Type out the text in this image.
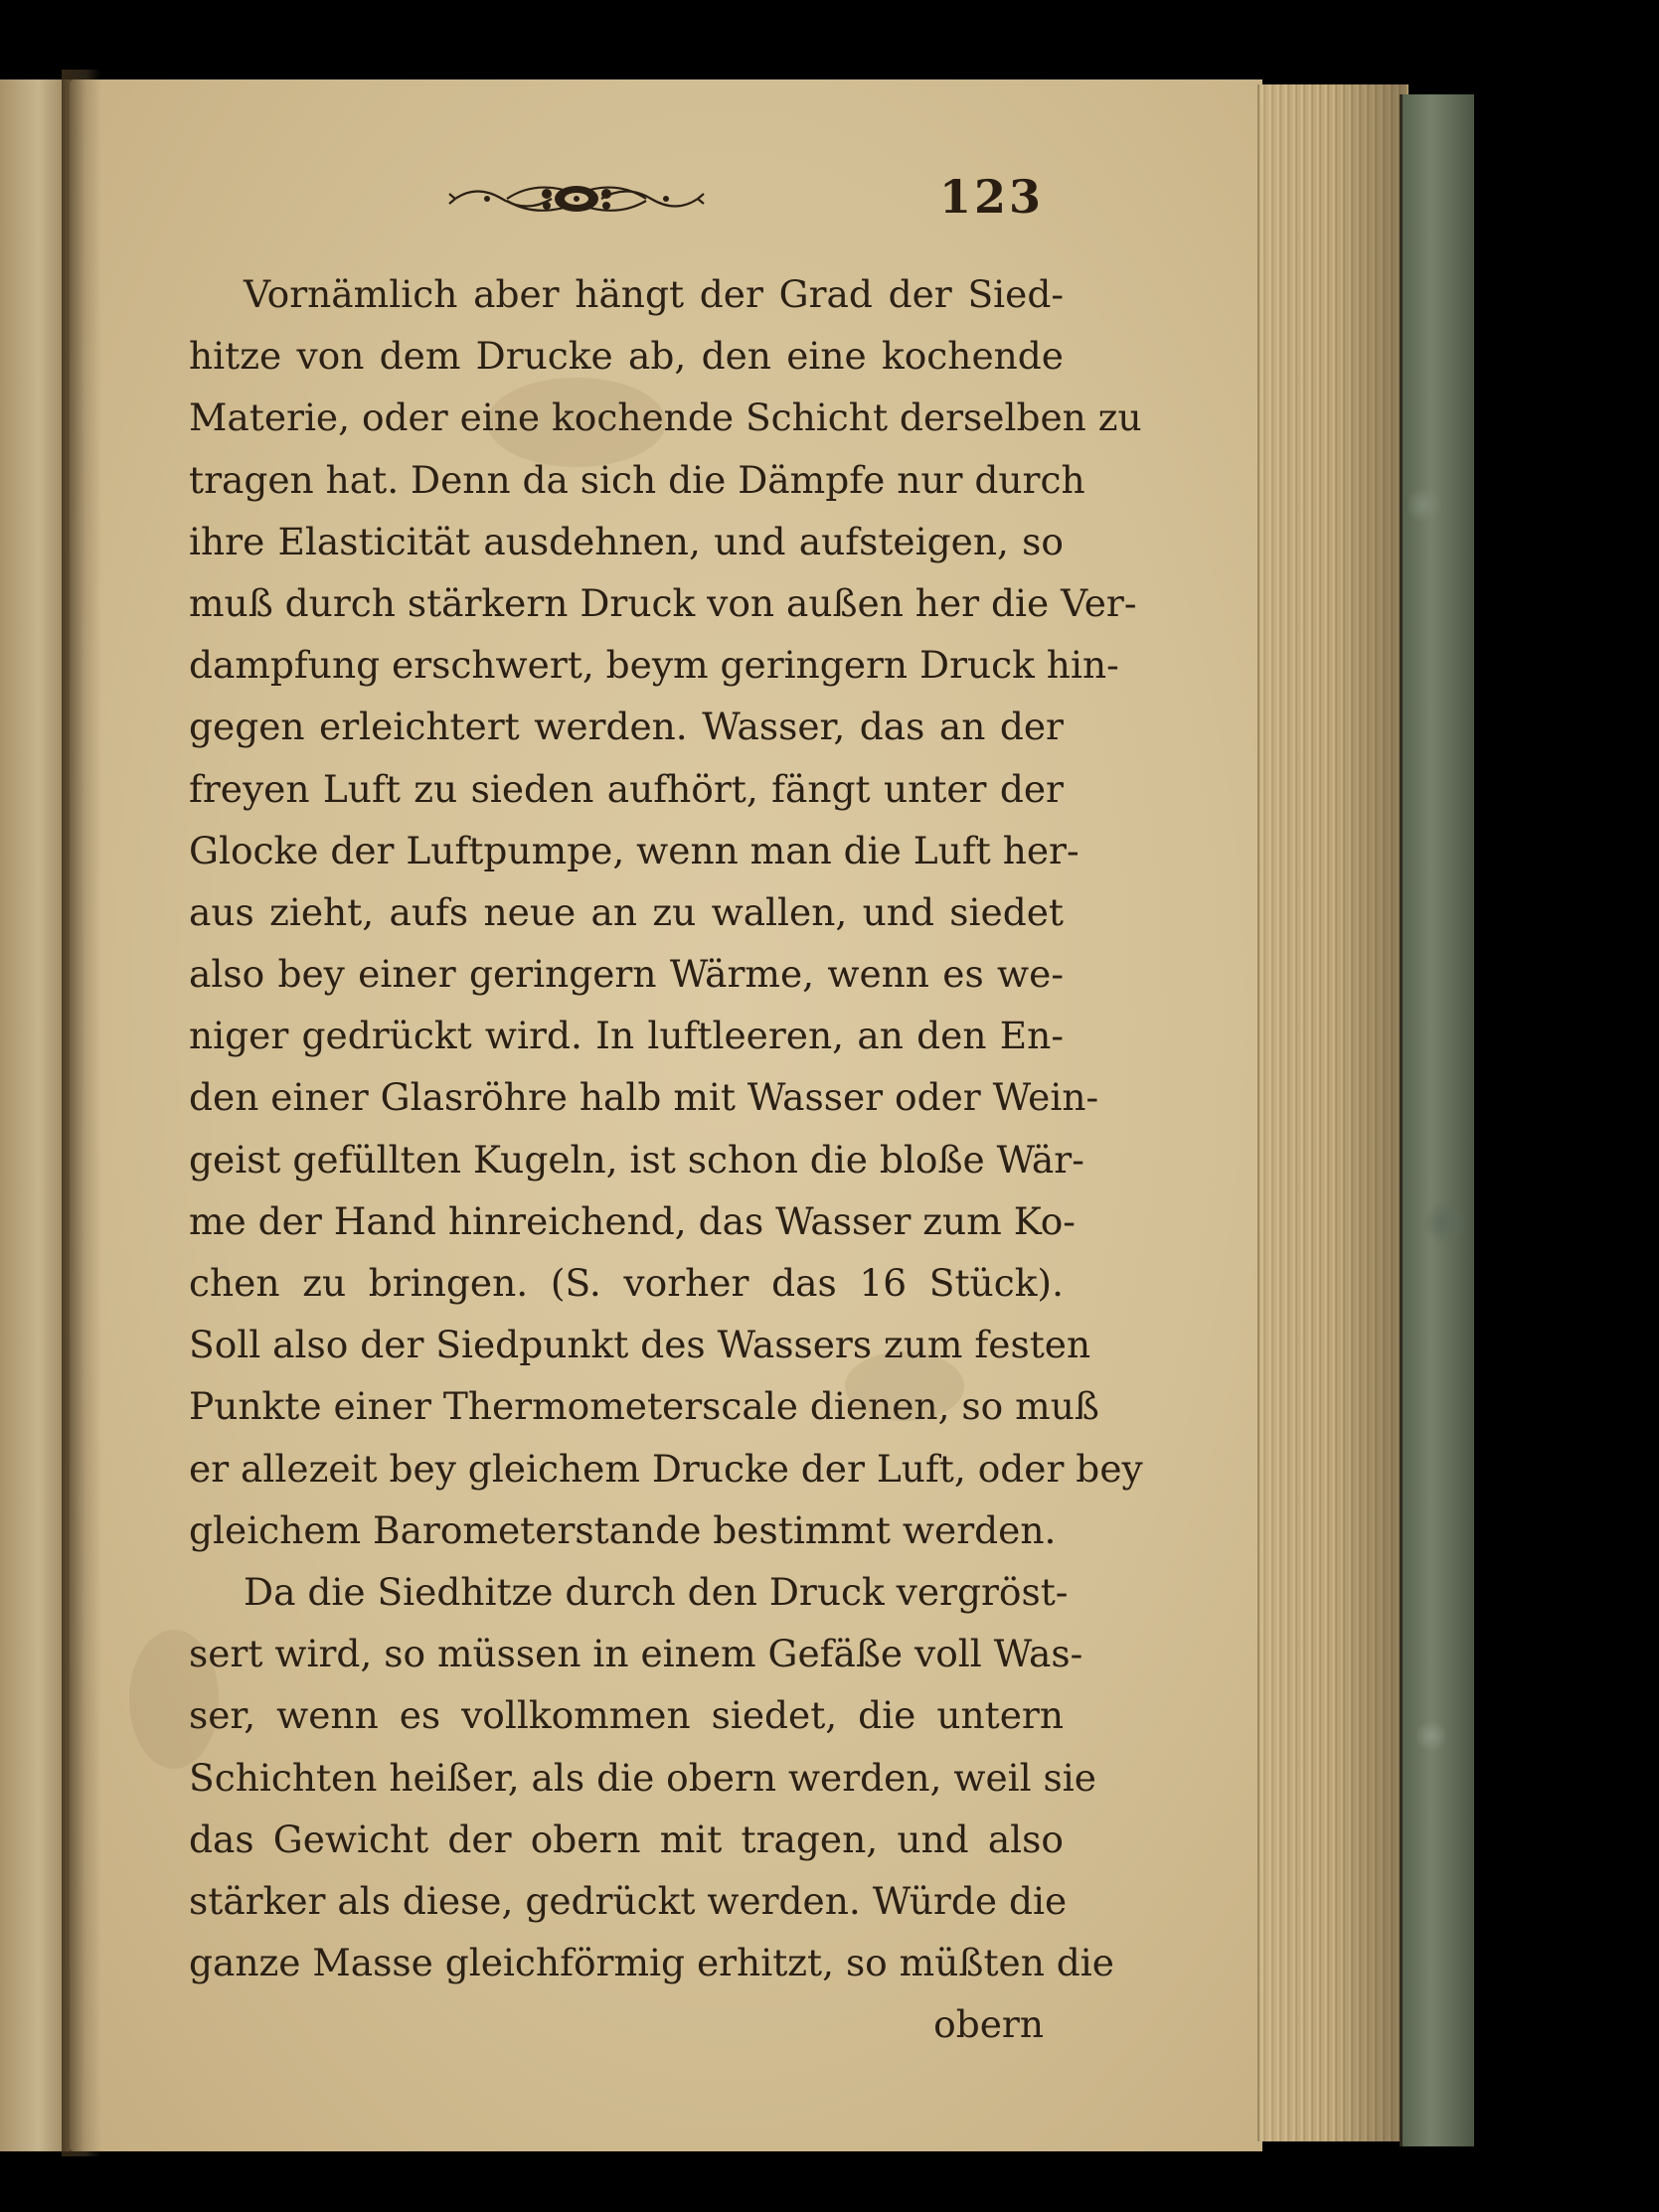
123
Vornämlich aber hängt der Grad der Sied-
hitze von dem Drucke ab, den eine kochende
Materie, oder eine kochende Schicht derselben zu
tragen hat. Denn da sich die Dämpfe nur durch
ihre Elasticität ausdehnen, und aufsteigen, so
muß durch stärkern Druck von außen her die Ver-
dampfung erschwert, beym geringern Druck hin-
gegen erleichtert werden. Wasser, das an der
freyen Luft zu sieden aufhört, fängt unter der
Glocke der Luftpumpe, wenn man die Luft her-
aus zieht, aufs neue an zu wallen, und siedet
also bey einer geringern Wärme, wenn es we-
niger gedrückt wird. In luftleeren, an den En-
den einer Glasröhre halb mit Wasser oder Wein-
geist gefüllten Kugeln, ist schon die bloße Wär-
me der Hand hinreichend, das Wasser zum Ko-
chen zu bringen. (S. vorher das 16 Stück).
Soll also der Siedpunkt des Wassers zum festen
Punkte einer Thermometerscale dienen, so muß
er allezeit bey gleichem Drucke der Luft, oder bey
gleichem Barometerstande bestimmt werden.
Da die Siedhitze durch den Druck vergröst-
sert wird, so müssen in einem Gefäße voll Was-
ser, wenn es vollkommen siedet, die untern
Schichten heißer, als die obern werden, weil sie
das Gewicht der obern mit tragen, und also
stärker als diese, gedrückt werden. Würde die
ganze Masse gleichförmig erhitzt, so müßten die
obern
